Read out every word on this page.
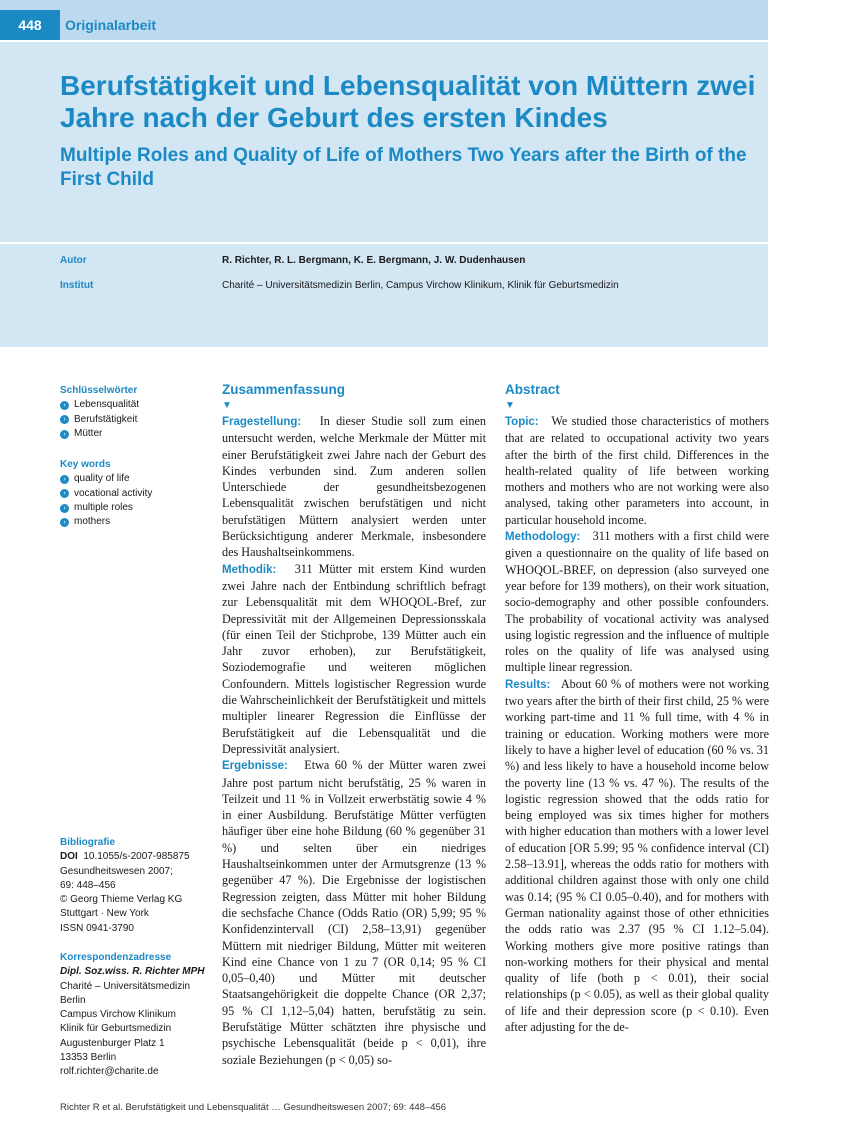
448	Originalarbeit
Berufstätigkeit und Lebensqualität von Müttern zwei Jahre nach der Geburt des ersten Kindes
Multiple Roles and Quality of Life of Mothers Two Years after the Birth of the First Child
Autor	R. Richter, R. L. Bergmann, K. E. Bergmann, J. W. Dudenhausen
Institut	Charité – Universitätsmedizin Berlin, Campus Virchow Klinikum, Klinik für Geburtsmedizin
Schlüsselwörter
› Lebensqualität
› Berufstätigkeit
› Mütter
Key words
› quality of life
› vocational activity
› multiple roles
› mothers
Bibliografie
DOI 10.1055/s-2007-985875
Gesundheitswesen 2007;
69: 448–456
© Georg Thieme Verlag KG
Stuttgart · New York
ISSN 0941-3790
Korrespondenzadresse
Dipl. Soz.wiss. R. Richter MPH
Charité – Universitätsmedizin
Berlin
Campus Virchow Klinikum
Klinik für Geburtsmedizin
Augustenburger Platz 1
13353 Berlin
rolf.richter@charite.de
Zusammenfassung
▼

Fragestellung: In dieser Studie soll zum einen untersucht werden, welche Merkmale der Mütter mit einer Berufstätigkeit zwei Jahre nach der Geburt des Kindes verbunden sind. Zum anderen sollen Unterschiede der gesundheitsbezogenen Lebensqualität zwischen berufstätigen und nicht berufstätigen Müttern analysiert werden unter Berücksichtigung anderer Merkmale, insbesondere des Haushaltseinkommens.

Methodik: 311 Mütter mit erstem Kind wurden zwei Jahre nach der Entbindung schriftlich befragt zur Lebensqualität mit dem WHOQOL-Bref, zur Depressivität mit der Allgemeinen Depressionsskala (für einen Teil der Stichprobe, 139 Mütter auch ein Jahr zuvor erhoben), zur Berufstätigkeit, Soziodemografie und weiteren möglichen Confoundern. Mittels logistischer Regression wurde die Wahrscheinlichkeit der Berufstätigkeit und mittels multipler linearer Regression die Einflüsse der Berufstätigkeit auf die Lebensqualität und die Depressivität analysiert.

Ergebnisse: Etwa 60 % der Mütter waren zwei Jahre post partum nicht berufstätig, 25 % waren in Teilzeit und 11 % in Vollzeit erwerbstätig sowie 4 % in einer Ausbildung. Berufstätige Mütter verfügten häufiger über eine hohe Bildung (60 % gegenüber 31 %) und selten über ein niedriges Haushaltseinkommen unter der Armutsgrenze (13 % gegenüber 47 %). Die Ergebnisse der logistischen Regression zeigten, dass Mütter mit hoher Bildung die sechsfache Chance (Odds Ratio (OR) 5,99; 95 % Konfidenzintervall (CI) 2,58–13,91) gegenüber Müttern mit niedriger Bildung, Mütter mit weiteren Kind eine Chance von 1 zu 7 (OR 0,14; 95 % CI 0,05–0,40) und Mütter mit deutscher Staatsangehörigkeit die doppelte Chance (OR 2,37; 95 % CI 1,12–5,04) hatten, berufstätig zu sein. Berufstätige Mütter schätzten ihre physische und psychische Lebensqualität (beide p < 0,01), ihre soziale Beziehungen (p < 0,05) so-

Abstract
▼

Topic: We studied those characteristics of mothers that are related to occupational activity two years after the birth of the first child. Differences in the health-related quality of life between working mothers and mothers who are not working were also analysed, taking other parameters into account, in particular household income.

Methodology: 311 mothers with a first child were given a questionnaire on the quality of life based on WHOQOL-BREF, on depression (also surveyed one year before for 139 mothers), on their work situation, socio-demography and other possible confounders. The probability of vocational activity was analysed using logistic regression and the influence of multiple roles on the quality of life was analysed using multiple linear regression.

Results: About 60 % of mothers were not working two years after the birth of their first child, 25 % were working part-time and 11 % full time, with 4 % in training or education. Working mothers were more likely to have a higher level of education (60 % vs. 31 %) and less likely to have a household income below the poverty line (13 % vs. 47 %). The results of the logistic regression showed that the odds ratio for being employed was six times higher for mothers with higher education than mothers with a lower level of education [OR 5.99; 95 % confidence interval (CI) 2.58–13.91], whereas the odds ratio for mothers with additional children against those with only one child was 0.14; (95 % CI 0.05–0.40), and for mothers with German nationality against those of other ethnicities the odds ratio was 2.37 (95 % CI 1.12–5.04). Working mothers give more positive ratings than non-working mothers for their physical and mental quality of life (both p < 0.01), their social relationships (p < 0.05), as well as their global quality of life and their depression score (p < 0.10). Even after adjusting for the de-

Richter R et al. Berufstätigkeit und Lebensqualität … Gesundheitswesen 2007; 69: 448–456
